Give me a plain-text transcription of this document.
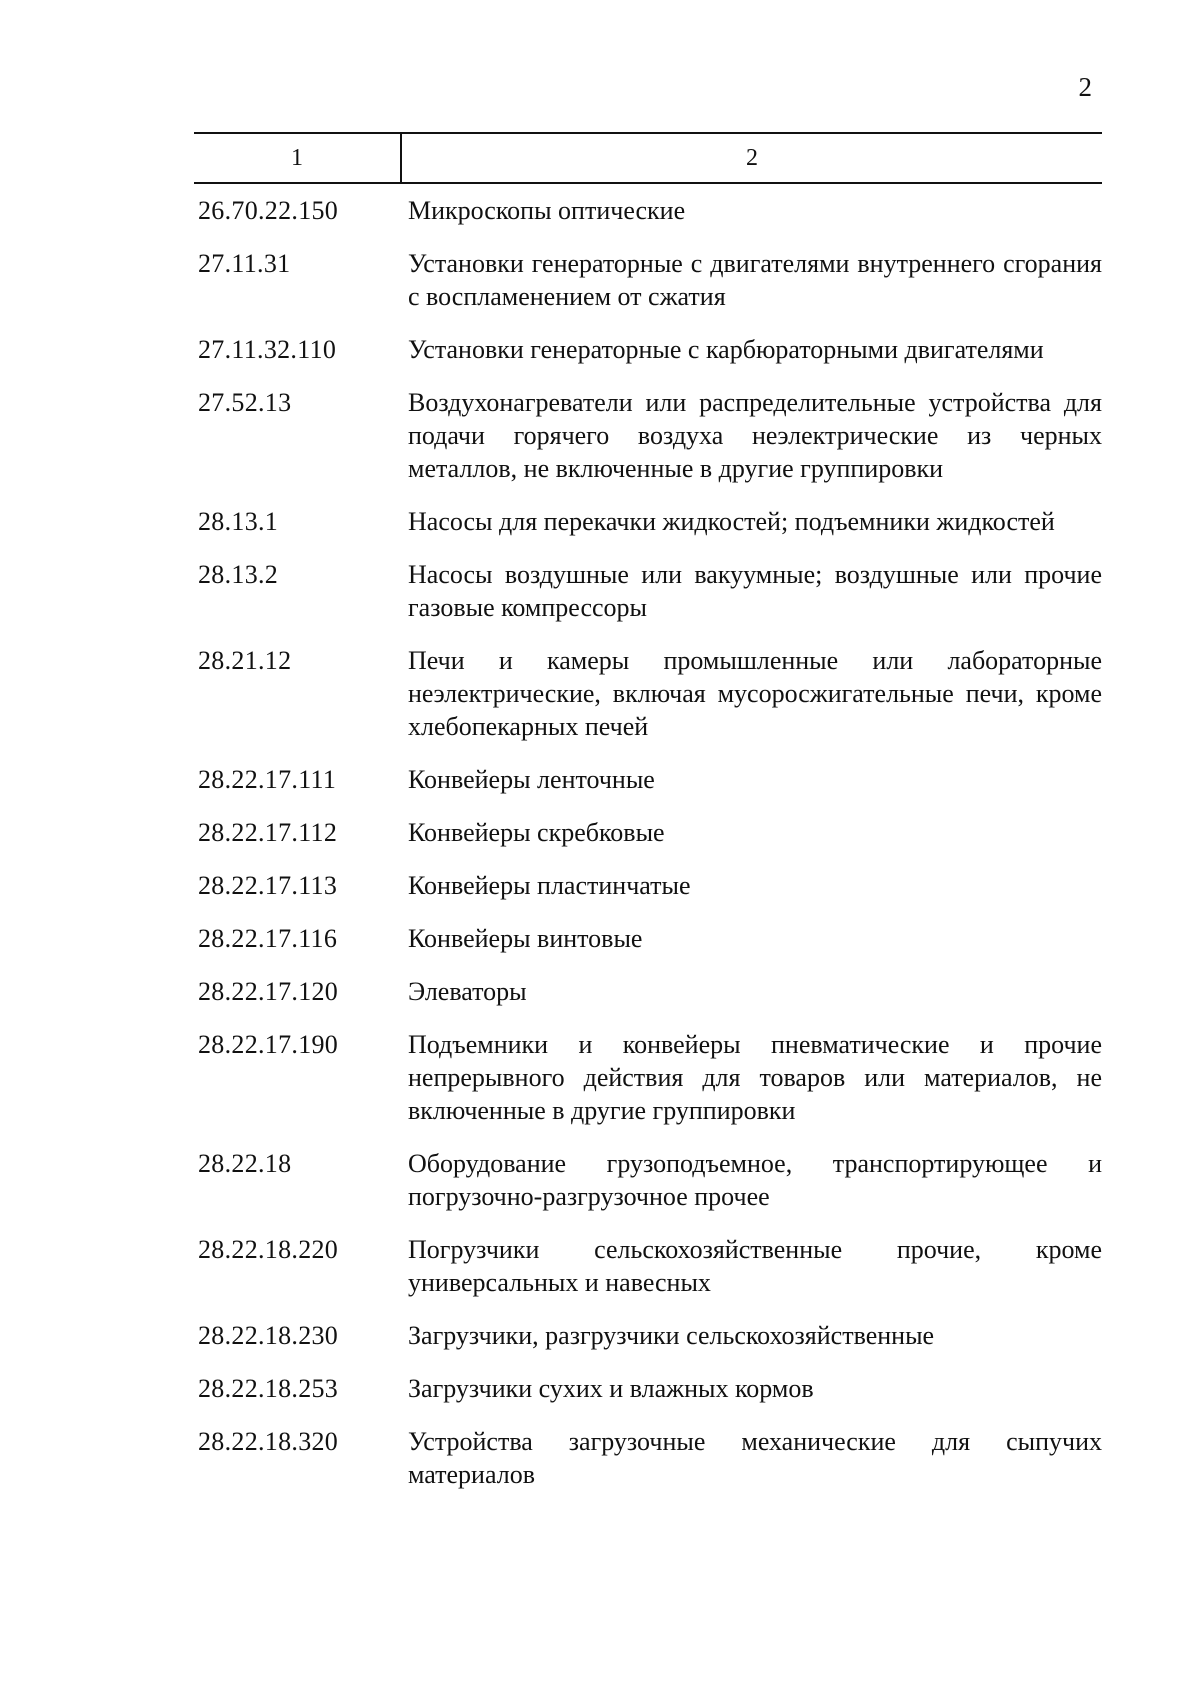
2
1	2
26.70.22.150	Микроскопы оптические
27.11.31	Установки генераторные с двигателями внутреннего сгорания с воспламенением от сжатия
27.11.32.110	Установки генераторные с карбюраторными двигателями
27.52.13	Воздухонагреватели или распределительные устройства для подачи горячего воздуха неэлектрические из черных металлов, не включенные в другие группировки
28.13.1	Насосы для перекачки жидкостей; подъемники жидкостей
28.13.2	Насосы воздушные или вакуумные; воздушные или прочие газовые компрессоры
28.21.12	Печи и камеры промышленные или лабораторные неэлектрические, включая мусоросжигательные печи, кроме хлебопекарных печей
28.22.17.111	Конвейеры ленточные
28.22.17.112	Конвейеры скребковые
28.22.17.113	Конвейеры пластинчатые
28.22.17.116	Конвейеры винтовые
28.22.17.120	Элеваторы
28.22.17.190	Подъемники и конвейеры пневматические и прочие непрерывного действия для товаров или материалов, не включенные в другие группировки
28.22.18	Оборудование грузоподъемное, транспортирующее и погрузочно-разгрузочное прочее
28.22.18.220	Погрузчики сельскохозяйственные прочие, кроме универсальных и навесных
28.22.18.230	Загрузчики, разгрузчики сельскохозяйственные
28.22.18.253	Загрузчики сухих и влажных кормов
28.22.18.320	Устройства загрузочные механические для сыпучих материалов
